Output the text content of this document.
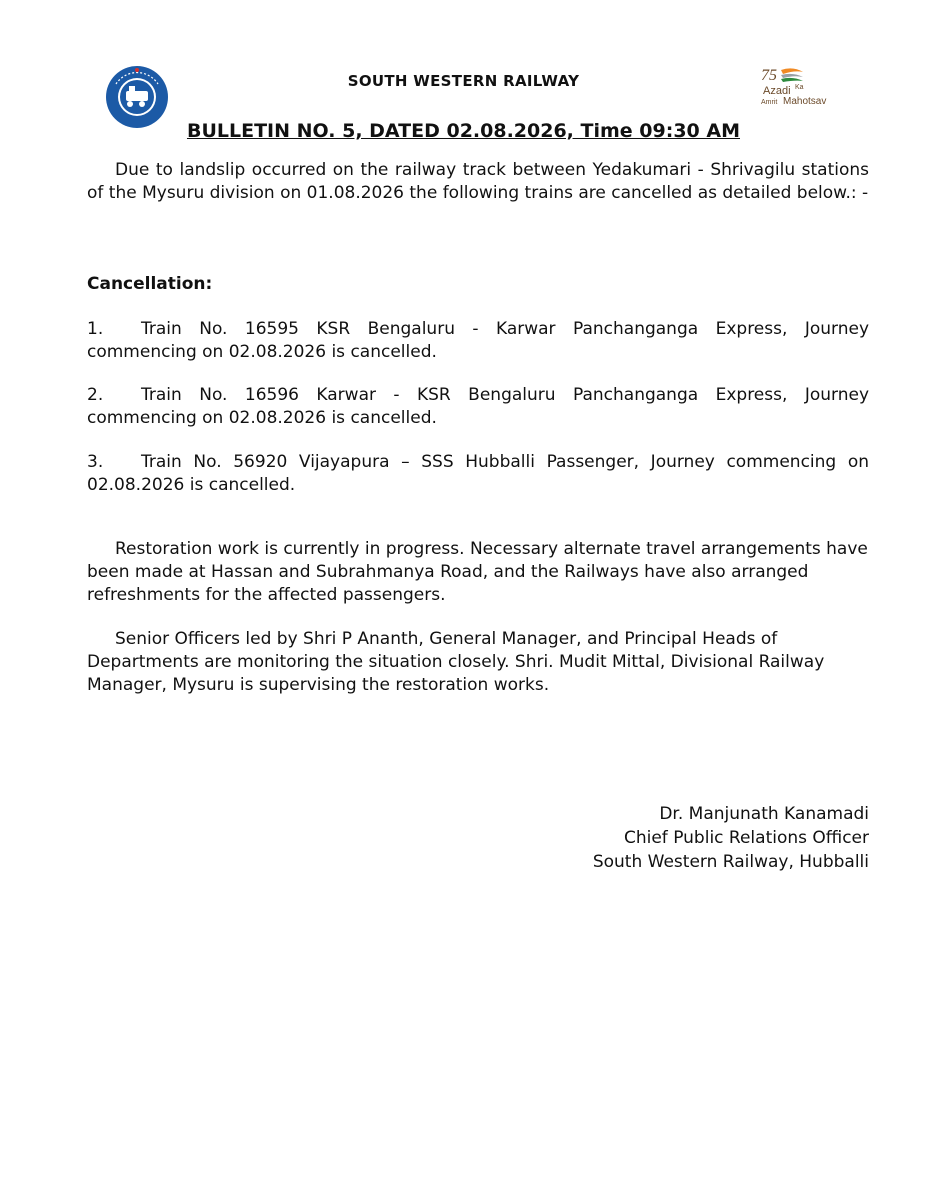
SOUTH WESTERN RAILWAY	75
Azadi Ka
Amrit Mahotsav
BULLETIN NO. 5, DATED 02.08.2026, Time 09:30 AM
Due to landslip occurred on the railway track between Yedakumari - Shrivagilu stations of the Mysuru division on 01.08.2026 the following trains are cancelled as detailed below.: -
Cancellation:
1. Train No. 16595 KSR Bengaluru - Karwar Panchanganga Express, Journey commencing on 02.08.2026 is cancelled.
2. Train No. 16596 Karwar - KSR Bengaluru Panchanganga Express, Journey commencing on 02.08.2026 is cancelled.
3. Train No. 56920 Vijayapura – SSS Hubballi Passenger, Journey commencing on 02.08.2026 is cancelled.
Restoration work is currently in progress. Necessary alternate travel arrangements have been made at Hassan and Subrahmanya Road, and the Railways have also arranged refreshments for the affected passengers.
Senior Officers led by Shri P Ananth, General Manager, and Principal Heads of Departments are monitoring the situation closely. Shri. Mudit Mittal, Divisional Railway Manager, Mysuru is supervising the restoration works.
Dr. Manjunath Kanamadi
Chief Public Relations Officer
South Western Railway, Hubballi
